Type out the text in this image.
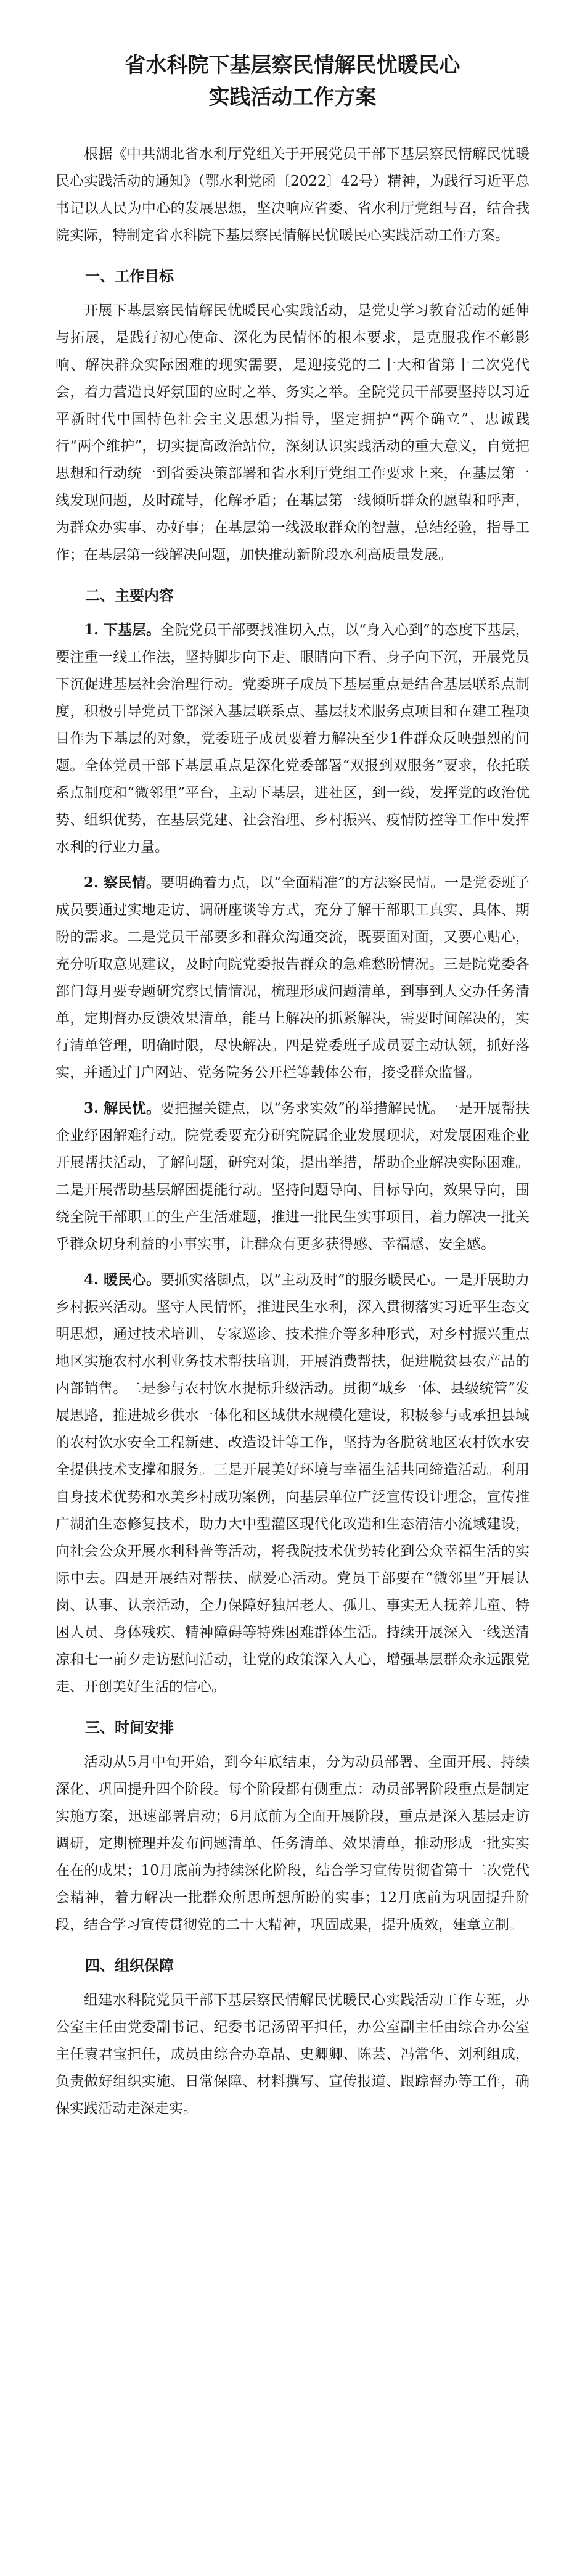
省水科院下基层察民情解民忧暖民心
实践活动工作方案

根据《中共湖北省水利厅党组关于开展党员干部下基层察民情解民忧暖民心实践活动的通知》（鄂水利党函〔2022〕42号）精神，为践行习近平总书记以人民为中心的发展思想，坚决响应省委、省水利厅党组号召，结合我院实际，特制定省水科院下基层察民情解民忧暖民心实践活动工作方案。

一、工作目标

开展下基层察民情解民忧暖民心实践活动，是党史学习教育活动的延伸与拓展，是践行初心使命、深化为民情怀的根本要求，是克服我作不彰影响、解决群众实际困难的现实需要，是迎接党的二十大和省第十二次党代会，着力营造良好氛围的应时之举、务实之举。全院党员干部要坚持以习近平新时代中国特色社会主义思想为指导，坚定拥护“两个确立”、忠诚践行“两个维护”，切实提高政治站位，深刻认识实践活动的重大意义，自觉把思想和行动统一到省委决策部署和省水利厅党组工作要求上来，在基层第一线发现问题，及时疏导，化解矛盾；在基层第一线倾听群众的愿望和呼声，为群众办实事、办好事；在基层第一线汲取群众的智慧，总结经验，指导工作；在基层第一线解决问题，加快推动新阶段水利高质量发展。

二、主要内容

1. 下基层。全院党员干部要找准切入点，以“身入心到”的态度下基层，要注重一线工作法，坚持脚步向下走、眼睛向下看、身子向下沉，开展党员下沉促进基层社会治理行动。党委班子成员下基层重点是结合基层联系点制度，积极引导党员干部深入基层联系点、基层技术服务点项目和在建工程项目作为下基层的对象，党委班子成员要着力解决至少1件群众反映强烈的问题。全体党员干部下基层重点是深化党委部署“双报到双服务”要求，依托联系点制度和“微邻里”平台，主动下基层，进社区，到一线，发挥党的政治优势、组织优势，在基层党建、社会治理、乡村振兴、疫情防控等工作中发挥水利的行业力量。

2. 察民情。要明确着力点，以“全面精准”的方法察民情。一是党委班子成员要通过实地走访、调研座谈等方式，充分了解干部职工真实、具体、期盼的需求。二是党员干部要多和群众沟通交流，既要面对面，又要心贴心，充分听取意见建议，及时向院党委报告群众的急难愁盼情况。三是院党委各部门每月要专题研究察民情情况，梳理形成问题清单，到事到人交办任务清单，定期督办反馈效果清单，能马上解决的抓紧解决，需要时间解决的，实行清单管理，明确时限，尽快解决。四是党委班子成员要主动认领，抓好落实，并通过门户网站、党务院务公开栏等载体公布，接受群众监督。

3. 解民忧。要把握关键点，以“务求实效”的举措解民忧。一是开展帮扶企业纾困解难行动。院党委要充分研究院属企业发展现状，对发展困难企业开展帮扶活动，了解问题，研究对策，提出举措，帮助企业解决实际困难。二是开展帮助基层解困提能行动。坚持问题导向、目标导向，效果导向，围绕全院干部职工的生产生活难题，推进一批民生实事项目，着力解决一批关乎群众切身利益的小事实事，让群众有更多获得感、幸福感、安全感。

4. 暖民心。要抓实落脚点，以“主动及时”的服务暖民心。一是开展助力乡村振兴活动。坚守人民情怀，推进民生水利，深入贯彻落实习近平生态文明思想，通过技术培训、专家巡诊、技术推介等多种形式，对乡村振兴重点地区实施农村水利业务技术帮扶培训，开展消费帮扶，促进脱贫县农产品的内部销售。二是参与农村饮水提标升级活动。贯彻“城乡一体、县级统管”发展思路，推进城乡供水一体化和区域供水规模化建设，积极参与或承担县域的农村饮水安全工程新建、改造设计等工作，坚持为各脱贫地区农村饮水安全提供技术支撑和服务。三是开展美好环境与幸福生活共同缔造活动。利用自身技术优势和水美乡村成功案例，向基层单位广泛宣传设计理念，宣传推广湖泊生态修复技术，助力大中型灌区现代化改造和生态清洁小流域建设，向社会公众开展水利科普等活动，将我院技术优势转化到公众幸福生活的实际中去。四是开展结对帮扶、献爱心活动。党员干部要在“微邻里”开展认岗、认事、认亲活动，全力保障好独居老人、孤儿、事实无人抚养儿童、特困人员、身体残疾、精神障碍等特殊困难群体生活。持续开展深入一线送清凉和七一前夕走访慰问活动，让党的政策深入人心，增强基层群众永远跟党走、开创美好生活的信心。

三、时间安排

活动从5月中旬开始，到今年底结束，分为动员部署、全面开展、持续深化、巩固提升四个阶段。每个阶段都有侧重点：动员部署阶段重点是制定实施方案，迅速部署启动；6月底前为全面开展阶段，重点是深入基层走访调研，定期梳理并发布问题清单、任务清单、效果清单，推动形成一批实实在在的成果；10月底前为持续深化阶段，结合学习宣传贯彻省第十二次党代会精神，着力解决一批群众所思所想所盼的实事；12月底前为巩固提升阶段，结合学习宣传贯彻党的二十大精神，巩固成果，提升质效，建章立制。

四、组织保障

组建水科院党员干部下基层察民情解民忧暖民心实践活动工作专班，办公室主任由党委副书记、纪委书记汤留平担任，办公室副主任由综合办公室主任袁君宝担任，成员由综合办章晶、史卿卿、陈芸、冯常华、刘利组成，负责做好组织实施、日常保障、材料撰写、宣传报道、跟踪督办等工作，确保实践活动走深走实。
